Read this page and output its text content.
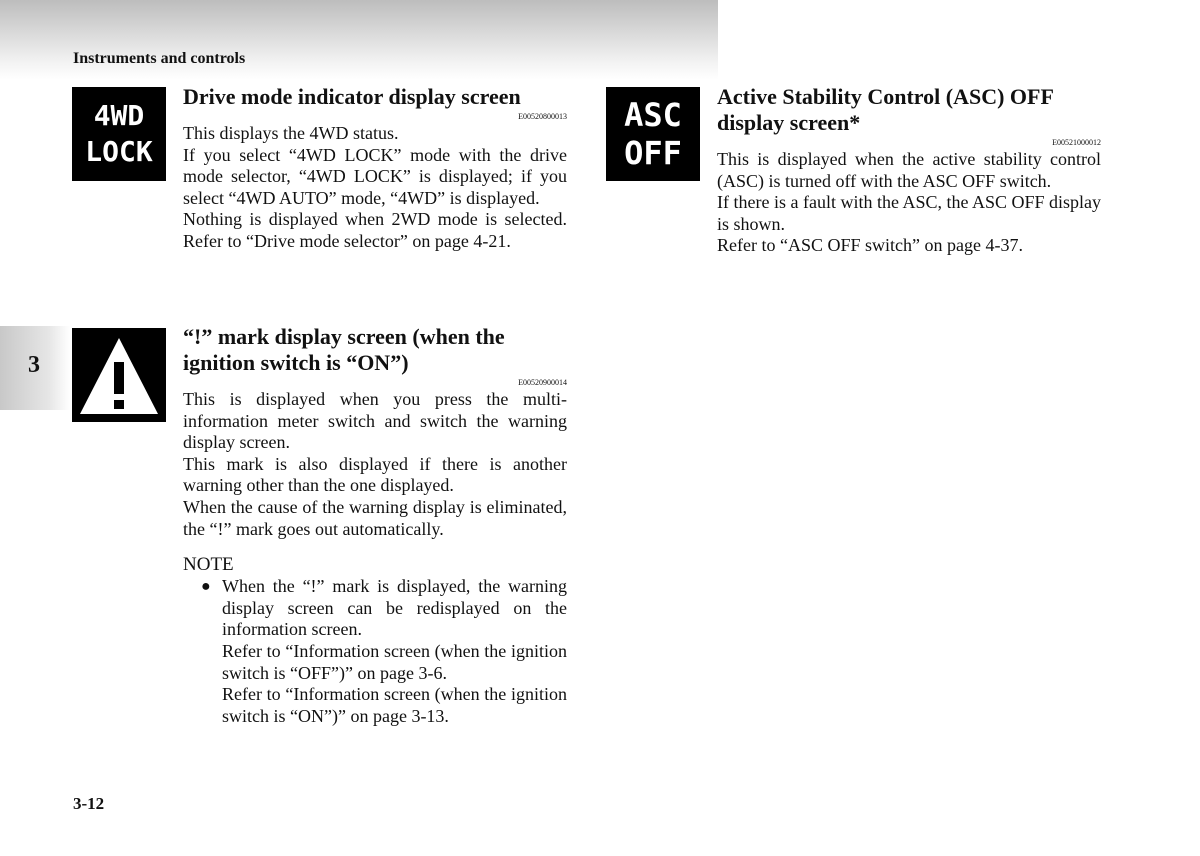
Instruments and controls
3
4WD
LOCK
Drive mode indicator display screen
E00520800013

This displays the 4WD status.

If you select “4WD LOCK” mode with the drive mode selector, “4WD LOCK” is displayed; if you select “4WD AUTO” mode, “4WD” is displayed.

Nothing is displayed when 2WD mode is selected. Refer to “Drive mode selector” on page 4-21.

“!” mark display screen (when the
ignition switch is “ON”)
E00520900014

This is displayed when you press the multi-information meter switch and switch the warning display screen.

This mark is also displayed if there is another warning other than the one displayed.

When the cause of the warning display is eliminated, the “!” mark goes out automatically.

NOTE
● When the “!” mark is displayed, the warning display screen can be redisplayed on the information screen.

Refer to “Information screen (when the ignition switch is “OFF”)” on page 3-6.

Refer to “Information screen (when the ignition switch is “ON”)” on page 3-13.

ASC
OFF
Active Stability Control (ASC) OFF
display screen*
E00521000012

This is displayed when the active stability control (ASC) is turned off with the ASC OFF switch.

If there is a fault with the ASC, the ASC OFF display is shown.

Refer to “ASC OFF switch” on page 4-37.

3-12
